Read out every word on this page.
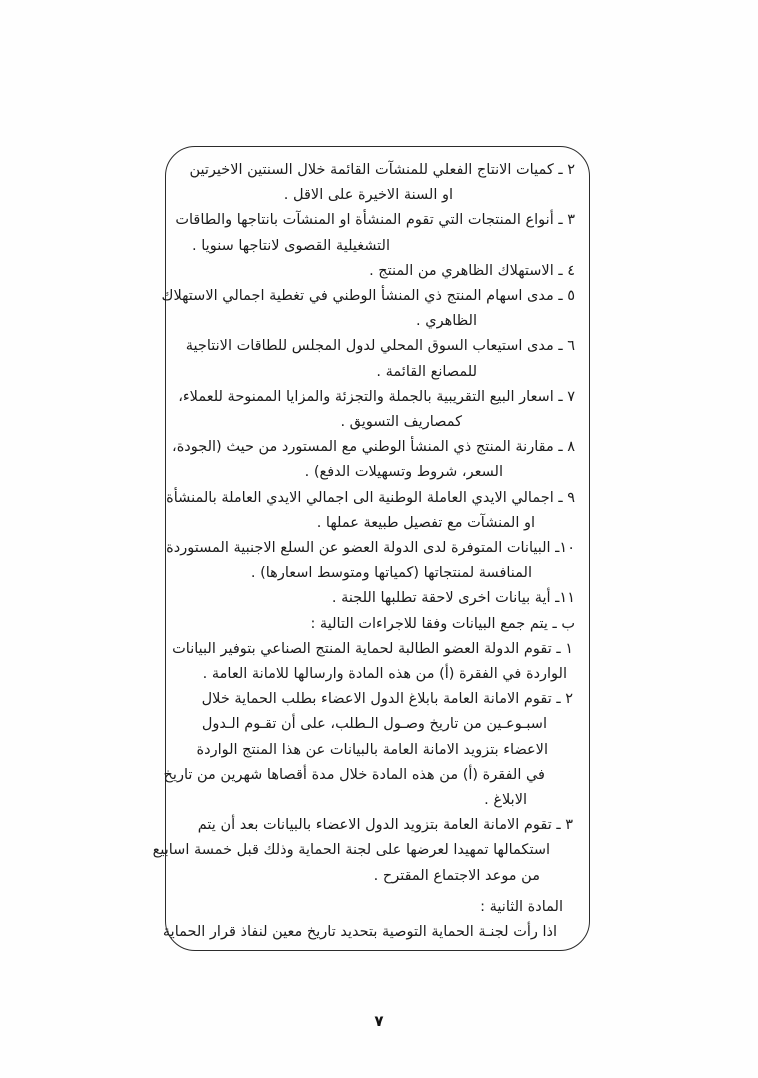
٢ ـ كميات الانتاج الفعلي للمنشآت القائمة خلال السنتين الاخيرتين
او السنة الاخيرة على الاقل .
٣ ـ أنواع المنتجات التي تقوم المنشأة او المنشآت بانتاجها والطاقات
التشغيلية القصوى لانتاجها سنويا .
٤ ـ الاستهلاك الظاهري من المنتج .
٥ ـ مدى اسهام المنتج ذي المنشأ الوطني في تغطية اجمالي الاستهلاك
الظاهري .
٦ ـ مدى استيعاب السوق المحلي لدول المجلس للطاقات الانتاجية
للمصانع القائمة .
٧ ـ اسعار البيع التقريبية بالجملة والتجزئة والمزايا الممنوحة للعملاء،
كمصاريف التسويق .
٨ ـ مقارنة المنتج ذي المنشأ الوطني مع المستورد من حيث (الجودة،
السعر، شروط وتسهيلات الدفع) .
٩ ـ اجمالي الايدي العاملة الوطنية الى اجمالي الايدي العاملة بالمنشأة
او المنشآت مع تفصيل طبيعة عملها .
١٠ـ البيانات المتوفرة لدى الدولة العضو عن السلع الاجنبية المستوردة
المنافسة لمنتجاتها (كمياتها ومتوسط اسعارها) .
١١ـ أية بيانات اخرى لاحقة تطلبها اللجنة .
ب ـ يتم جمع البيانات وفقا للاجراءات التالية :
١ ـ تقوم الدولة العضو الطالبة لحماية المنتج الصناعي بتوفير البيانات
الواردة في الفقرة (أ) من هذه المادة وارسالها للامانة العامة .
٢ ـ تقوم الامانة العامة بابلاغ الدول الاعضاء بطلب الحماية خلال
اسبـوعـين من تاريخ وصـول الـطلب، على أن تقـوم الـدول
الاعضاء بتزويد الامانة العامة بالبيانات عن هذا المنتج الواردة
في الفقرة (أ) من هذه المادة خلال مدة أقصاها شهرين من تاريخ
الابلاغ .
٣ ـ تقوم الامانة العامة بتزويد الدول الاعضاء بالبيانات بعد أن يتم
استكمالها تمهيدا لعرضها على لجنة الحماية وذلك قبل خمسة اسابيع
من موعد الاجتماع المقترح .
المادة الثانية :
اذا رأت لجنـة الحماية التوصية بتحديد تاريخ معين لنفاذ قرار الحماية
٧
